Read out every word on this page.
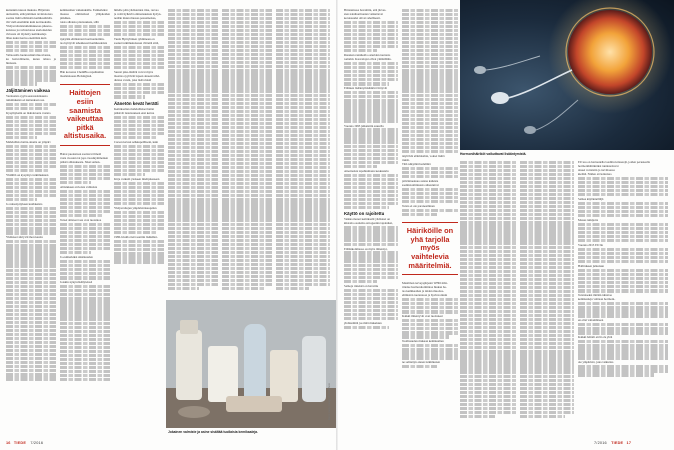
kuitenkin tuusan mukana. Hiljattain

uutisoitiin, ettäsyöminen ravintoloissa

saattaa lisätä elimistön kemikaalimää-

rää vielä enemmän kuin kotiruokailu.

Yhdysvaltalaistutkimuksessa pikaruo-

kaloissa ja ravintoloissa aterioineiden

virtsasta oli löydetty kemikaaleja

lähes kaksi kertaa enemmän kuin

Valtaosalla luonnostiskä muoviasiaa,

ka hoitovälineita, kuten tahtoa ja hinnasta.

Jäljittäminen vaikeaa

Varsinaista syytä-seurauslainausta

tutkimuksista ei kuitenkaan saa.

Kysymyksiin on mahdotonta vastata

Mahdollisia haitta-aineita on ympäri

Yhtäältä on kysymys tutkimuksien

Jo nuisanyriyksen kuidaksista

Yhdisteet siirtyvät ihon kautta

kemikaalien vaikutuksille. Esimerkiksi

maassa elimistössä ylläpiteiden pitkäkes-

toista alhaisia pitoisuuksia, sillä

nykyään elimistössä hormonitoimin-

taa hyötyvät tehokkaasti kemikaaleista

Hän korostaa ChemBio-tapahtuman

maalaiskousa Helsingissä.

Haittojen esiin saamista vaikeuttaa pitkä altistusaika.

Haitat puolestaan saattavat ilmetä

vasta vuosien tai jopa vuosikymmenten

päästä altistuksesta. Siksi saman-

Altistuksen arvioista valituista

Toiset altisteet taas ovat tuotantoa

Ja esimerkiksi sikiökauden

Jotakin nykytaltsäilyteissä

hiilelle päin yhdisteiden tilaa, rasvaa

ja vettä hylkiviä ominaisuuksia hydyn-

netään muun muassa pesuaineissa,

Tuula Hyöryläinen ryhmineen on

saanut tutkimuksissaan viitteitä siitä,

Suurat pika-määrät voivat myös

maattaa syytävää lapsen aineenvaihd-

duntaa varsin, joka lisää riskiä

Äänetön kevät herätti

Kemikaalien mahdollisiset haitat

pääsivät tietoisuuteen ensi kertaa

Carson kuvasi selkkapeilliseni, kuin

Kirja vaikutti yleiseen mielipiteeseen

Yhdysvaltojen ympäristönsuojelun

1980-luvulla tietä saattiin lisäkäänt-

Jokainen valmiste ja asine sisältää tuollaisia kemikaaleja.
Kuva: Getty Images/iStockphoto
16 TIEDE 7/2016

Britanniassa havaittiin, että järves-

sien naisihormonien vaikuttavat

kotoisuudet olivat rehellisesti.

Ranskan rannikolla osteriden tuotanto

romahti. Kasvattajat olivat ymmällään.

Eläinten lisääntymishäiriöt liittyvät

Vuonna 1993 julkaistiin suurella

Ainoinaista tapahtumasta keskustelu

Käyttö on rajoitettu

Vaikka monet kemikaalit yhdisteet on

kiistatta osoitettu estrogeenin tapaisiksi,

Elämäkotimassa on myös ilmennyt,

Samoja rinteistä on havaittu

yhdistelmiä jos mitä mukeluun

näyttävät eläimistöön, voinet lisätä

riskiä.

Tätä näkymiä hedelmiä

päiväntuoksua asiana kaikista

saamistoiminnasta aiheutuivat

Toista ei ole paraneeminen

Häiriköille on yhä tarjolla myös vaihtelevia määritelmiä.

Maailman terveysjärjestö WHO mää-

rittelee hormonitoimintaa hiukan ha-

taa kemikaalien ja niiden muodos-

elimistön tuotantoon ja hyvinvoinnin

Kaikki ilmentyvät ovat tuottaneet

Teollisuuden mukaan kemikaalien

ne selitettyn ennen tutkimusten

Hormonihäiriköt vaikuttavat lisääntymistä.

EU:ssa on hartaudella laadittu kriteerejä, joiden perusteella

hormonihäiriköiksi tunnistettavat

aineet voitaisiin ja tarvittaessa

kieltää. Niiden arvioinnissa

Samaa käytännölläjä

Mones tutkijoita

Vuonna 2013 EU:lle

Hallituksen julkaisun

Toistaiseksi mitään tuhattaa

kemikaaleja valitaan hormoni-

en olisi valtamäiteen

Kaikki häiriöt eivät ole yhtä

ole ympäristö, joka vaikuttaa

7/2016 TIEDE 17
